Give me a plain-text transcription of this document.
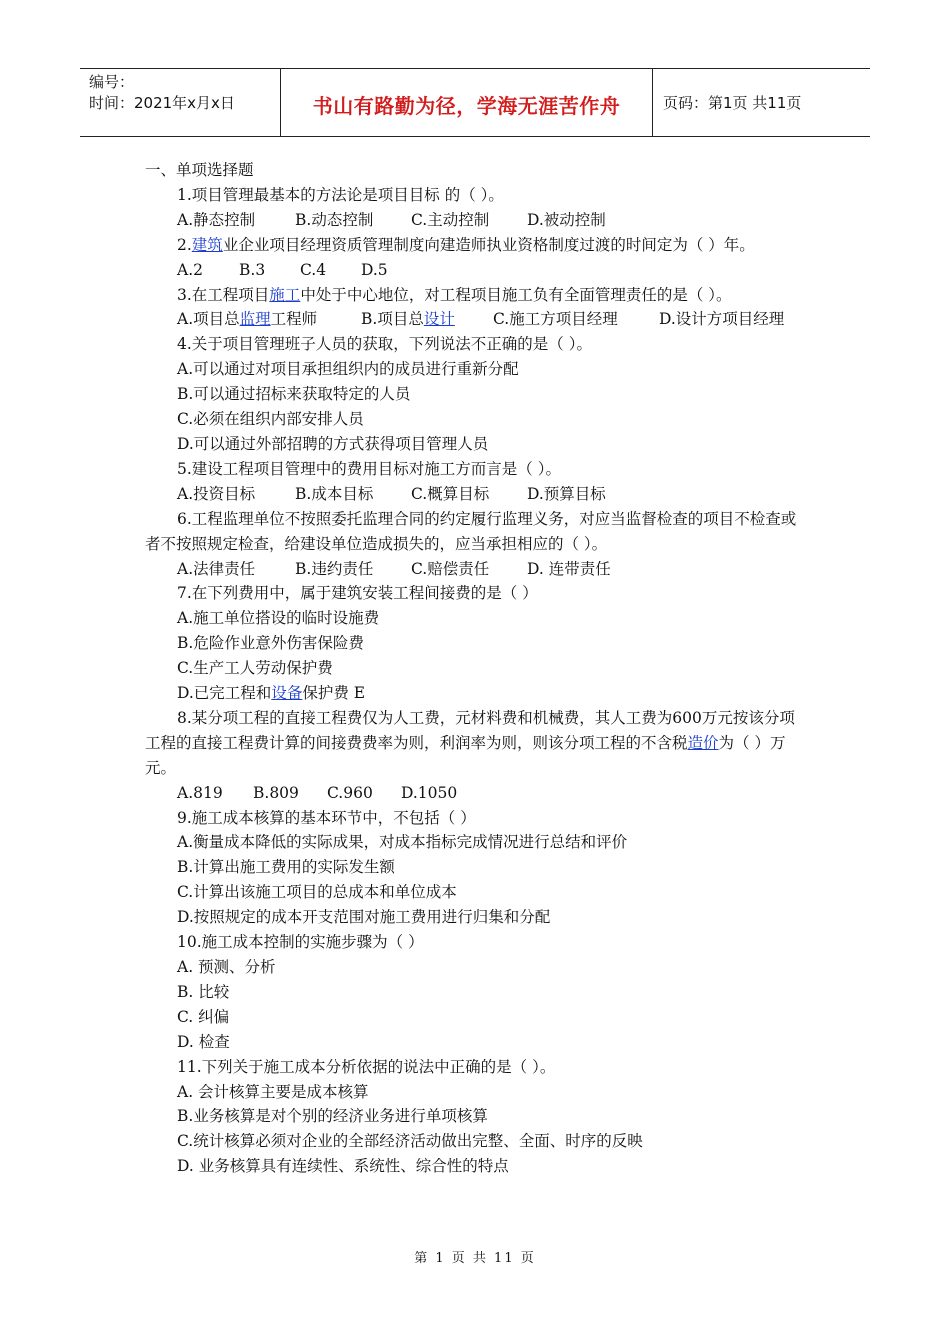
编号：
时间：2021年x月x日	书山有路勤为径，学海无涯苦作舟	页码：第1页 共11页

一、单项选择题

1.项目管理最基本的方法论是项目目标 的（ ）。

A.静态控制	B.动态控制 C.主动控制 D.被动控制

2.建筑业企业项目经理资质管理制度向建造师执业资格制度过渡的时间定为（ ）年。

A.2 B.3 C.4 D.5

3.在工程项目施工中处于中心地位，对工程项目施工负有全面管理责任的是（ ）。

A.项目总监理工程师	B.项目总设计 C.施工方项目经理	D.设计方项目经理

4.关于项目管理班子人员的获取，下列说法不正确的是（ ）。

A.可以通过对项目承担组织内的成员进行重新分配

B.可以通过招标来获取特定的人员

C.必须在组织内部安排人员

D.可以通过外部招聘的方式获得项目管理人员

5.建设工程项目管理中的费用目标对施工方而言是（ ）。

A.投资目标	B.成本目标 C.概算目标 D.预算目标

6.工程监理单位不按照委托监理合同的约定履行监理义务，对应当监督检查的项目不检查或者不按照规定检查，给建设单位造成损失的，应当承担相应的（ ）。

A.法律责任	B.违约责任 C.赔偿责任 D. 连带责任

7.在下列费用中，属于建筑安装工程间接费的是（ ）

A.施工单位搭设的临时设施费

B.危险作业意外伤害保险费

C.生产工人劳动保护费

D.已完工程和设备保护费 E

8.某分项工程的直接工程费仅为人工费，元材料费和机械费，其人工费为600万元按该分项工程的直接工程费计算的间接费费率为则，利润率为则，则该分项工程的不含税造价为（ ）万元。

A.819 B.809 C.960 D.1050

9.施工成本核算的基本环节中，不包括（ ）

A.衡量成本降低的实际成果，对成本指标完成情况进行总结和评价

B.计算出施工费用的实际发生额

C.计算出该施工项目的总成本和单位成本

D.按照规定的成本开支范围对施工费用进行归集和分配

10.施工成本控制的实施步骤为（ ）

A. 预测、分析

B. 比较

C. 纠偏

D. 检查

11.下列关于施工成本分析依据的说法中正确的是（ ）。

A. 会计核算主要是成本核算

B.业务核算是对个别的经济业务进行单项核算

C.统计核算必须对企业的全部经济活动做出完整、全面、时序的反映

D. 业务核算具有连续性、系统性、综合性的特点

第 1 页 共 11 页
